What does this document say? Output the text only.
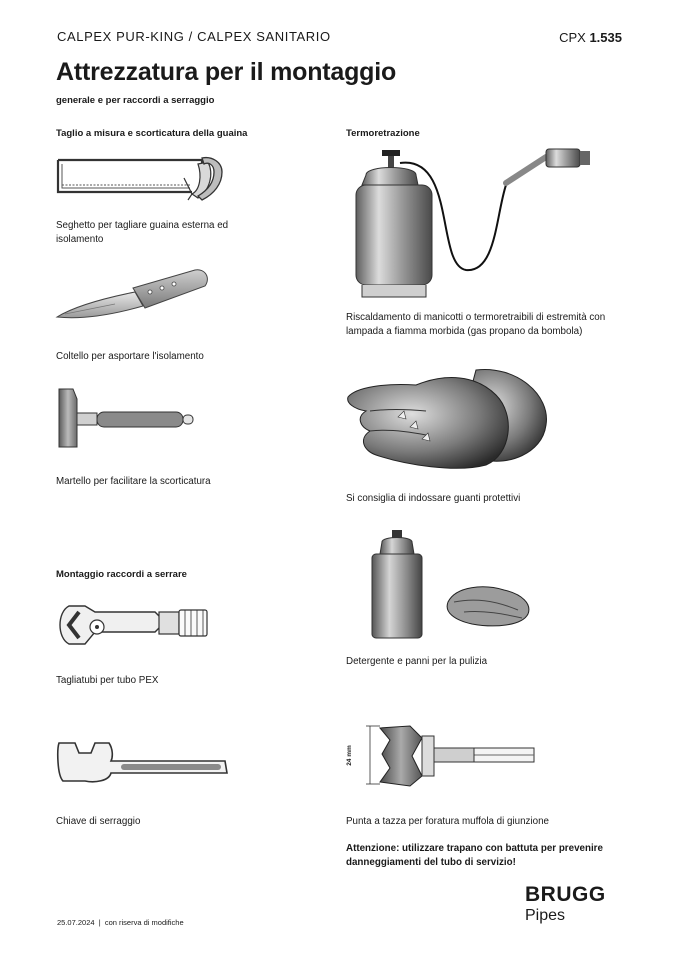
CALPEX PUR-KING / CALPEX SANITARIO	CPX 1.535
Attrezzatura per il montaggio
generale e per raccordi a serraggio
Taglio a misura e scorticatura della guaina	Termoretrazione
Montaggio raccordi a serrare
24 mm
Seghetto per tagliare guaina esterna ed isolamento
Coltello per asportare l'isolamento
Martello per facilitare la scorticatura
Tagliatubi per tubo PEX
Chiave di serraggio
Riscaldamento di manicotti o termoretraibili di estremità con lampada a fiamma morbida (gas propano da bombola)
Si consiglia di indossare guanti protettivi
Detergente e panni per la pulizia
Punta a tazza per foratura muffola di giunzione
Attenzione: utilizzare trapano con battuta per prevenire danneggiamenti del tubo di servizio!
25.07.2024  |  con riserva di modifiche
BRUGG
Pipes
